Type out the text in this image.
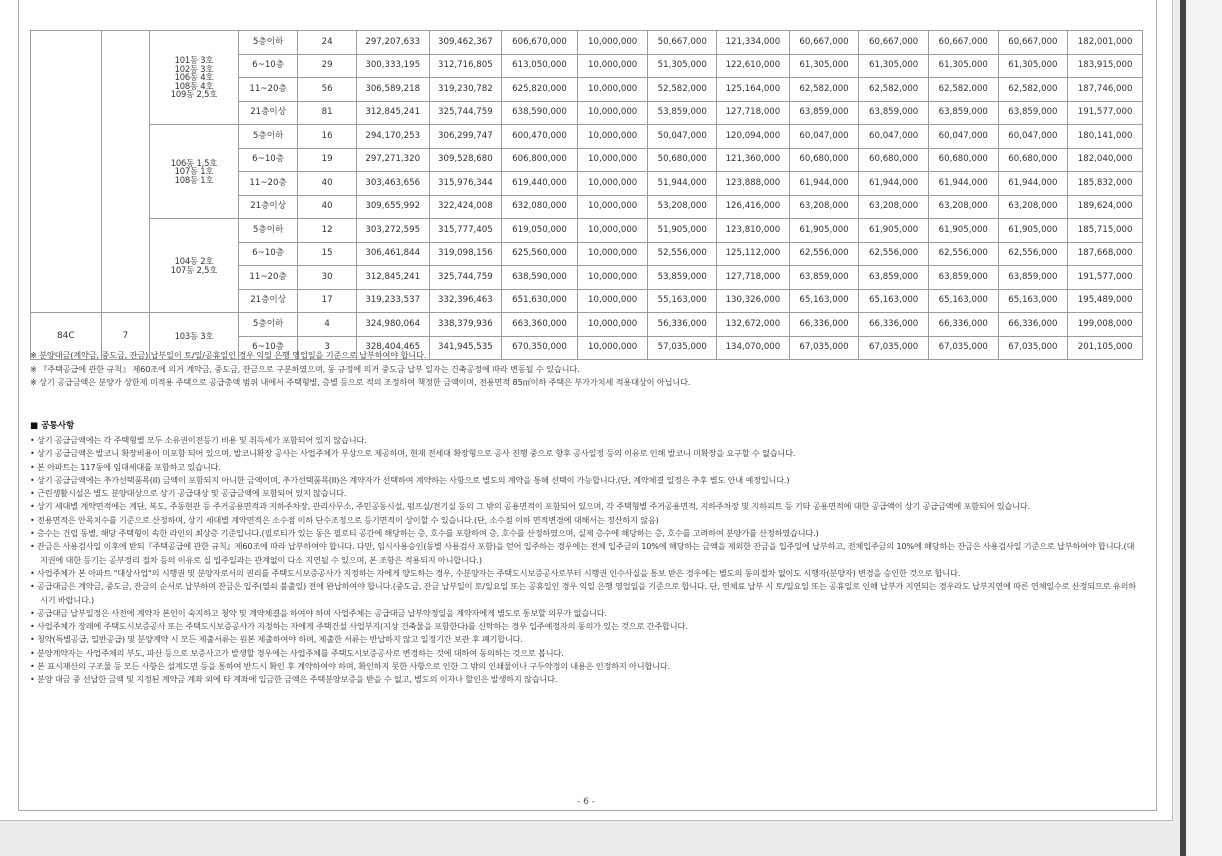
		101동 3호
102동 3호
106동 4호
108동 4호
109동 2,5호	5층이하	24	297,207,633	309,462,367	606,670,000	10,000,000	50,667,000	121,334,000	60,667,000	60,667,000	60,667,000	60,667,000	182,001,000
			6~10층	29	300,333,195	312,716,805	613,050,000	10,000,000	51,305,000	122,610,000	61,305,000	61,305,000	61,305,000	61,305,000	183,915,000
			11~20층	56	306,589,218	319,230,782	625,820,000	10,000,000	52,582,000	125,164,000	62,582,000	62,582,000	62,582,000	62,582,000	187,746,000
			21층이상	81	312,845,241	325,744,759	638,590,000	10,000,000	53,859,000	127,718,000	63,859,000	63,859,000	63,859,000	63,859,000	191,577,000

		106동 1,5호
107동 1호
108동 1호	5층이하	16	294,170,253	306,299,747	600,470,000	10,000,000	50,047,000	120,094,000	60,047,000	60,047,000	60,047,000	60,047,000	180,141,000
			6~10층	19	297,271,320	309,528,680	606,800,000	10,000,000	50,680,000	121,360,000	60,680,000	60,680,000	60,680,000	60,680,000	182,040,000
			11~20층	40	303,463,656	315,976,344	619,440,000	10,000,000	51,944,000	123,888,000	61,944,000	61,944,000	61,944,000	61,944,000	185,832,000
			21층이상	40	309,655,992	322,424,008	632,080,000	10,000,000	53,208,000	126,416,000	63,208,000	63,208,000	63,208,000	63,208,000	189,624,000

		104동 2호
107동 2,5호	5층이하	12	303,272,595	315,777,405	619,050,000	10,000,000	51,905,000	123,810,000	61,905,000	61,905,000	61,905,000	61,905,000	185,715,000
			6~10층	15	306,461,844	319,098,156	625,560,000	10,000,000	52,556,000	125,112,000	62,556,000	62,556,000	62,556,000	62,556,000	187,668,000
			11~20층	30	312,845,241	325,744,759	638,590,000	10,000,000	53,859,000	127,718,000	63,859,000	63,859,000	63,859,000	63,859,000	191,577,000
			21층이상	17	319,233,537	332,396,463	651,630,000	10,000,000	55,163,000	130,326,000	65,163,000	65,163,000	65,163,000	65,163,000	195,489,000
84C	7	103동 3호	5층이하	4	324,980,064	338,379,936	663,360,000	10,000,000	56,336,000	132,672,000	66,336,000	66,336,000	66,336,000	66,336,000	199,008,000
			6~10층	3	328,404,465	341,945,535	670,350,000	10,000,000	57,035,000	134,070,000	67,035,000	67,035,000	67,035,000	67,035,000	201,105,000
※ 분양대금(계약금, 중도금, 잔금) 납부일이 토/일/공휴일인 경우 익일 은행 영업일을 기준으로 납부하여야 합니다.
※ 『주택공급에 관한 규칙』 제60조에 의거 계약금, 중도금, 잔금으로 구분하였으며, 동 규정에 의거 중도금 납부 일자는 건축공정에 따라 변동될 수 있습니다.
※ 상기 공급금액은 분양가 상한제 미적용 주택으로 공급총액 범위 내에서 주택형별, 층별 등으로 적의 조정하여 책정한 금액이며, 전용면적 85㎡이하 주택은 부가가치세 적용대상이 아닙니다.
■ 공통사항
• 상기 공급금액에는 각 주택형별 모두 소유권이전등기 비용 및 취득세가 포함되어 있지 않습니다.
• 상기 공급금액은 발코니 확장비용이 미포함 되어 있으며, 발코니확장 공사는 사업주체가 무상으로 제공하며, 현재 전세대 확장형으로 공사 진행 중으로 향후 공사일정 등의 이유로 인해 발코니 미확장을 요구할 수 없습니다.
• 본 아파트는 117동에 임대세대를 포함하고 있습니다.
• 상기 공급금액에는 추가선택품목(II) 금액이 포함되지 아니한 금액이며, 추가선택품목(II)은 계약자가 선택하여 계약하는 사항으로 별도의 계약을 통해 선택이 가능합니다.(단, 계약체결 일정은 추후 별도 안내 예정입니다.)
• 근린생활시설은 별도 분양대상으로 상기 공급대상 및 공급금액에 포함되어 있지 않습니다.
• 상기 세대별 계약면적에는 계단, 복도, 주동현관 등 주거공용면적과 지하주차장, 관리사무소, 주민공동시설, 펌프실/전기실 등의 그 밖의 공용면적이 포함되어 있으며, 각 주택형별 주거공용면적, 지하주차장 및 지하피트 등 기타 공용면적에 대한 공급액이 상기 공급금액에 포함되어 있습니다.
• 전용면적은 안목치수를 기준으로 산정하며, 상기 세대별 계약면적은 소수점 이하 단수조정으로 등기면적이 상이할 수 있습니다.(단, 소수점 이하 면적변경에 대해서는 정산하지 않음)
• 층수는 건립 동별, 해당 주택형이 속한 라인의 최상층 기준입니다.(필로티가 있는 동은 필로티 공간에 해당하는 층, 호수를 포함하여 층, 호수를 산정하였으며, 실제 층수에 해당하는 층, 호수를 고려하여 분양가를 산정하였습니다.)
• 잔금은 사용검사일 이후에 받되『주택공급에 관한 규칙』제60조에 따라 납부하여야 합니다. 다만, 임시사용승인(동별 사용검사 포함)을 얻어 입주하는 경우에는 전체 입주금의 10%에 해당하는 금액을 제외한 잔금을 입주일에 납부하고, 전체입주금의 10%에 해당하는 잔금은 사용검사일 기준으로 납부하여야 합니다.(대지권에 대한 등기는 공부정리 절차 등의 이유로 실 입주일과는 관계없이 다소 지연될 수 있으며, 본 조항은 적용되지 아니합니다.)
• 사업주체가 본 아파트 "대상사업"의 시행권 및 분양자로서의 권리를 주택도시보증공사가 지정하는 자에게 양도하는 경우, 수분양자는 주택도시보증공사로부터 시행권 인수사실을 통보 받은 경우에는 별도의 동의절차 없이도 시행자(분양자) 변경을 승인한 것으로 합니다.
• 공급대금은 계약금, 중도금, 잔금의 순서로 납부하며 잔금은 입주(열쇠 불출일) 전에 완납하여야 합니다.(중도금, 잔금 납부일이 토/일요일 또는 공휴일인 경우 익일 은행 영업일을 기준으로 합니다. 단, 연체료 납부 시 토/일요일 또는 공휴일로 인해 납부가 지연되는 경우라도 납부지연에 따른 연체일수로 산정되므로 유의하시기 바랍니다.)
• 공급대금 납부일정은 사전에 계약자 본인이 숙지하고 청약 및 계약체결을 하여야 하며 사업주체는 공급대금 납부약정일을 계약자에게 별도로 통보할 의무가 없습니다.
• 사업주체가 장래에 주택도시보증공사 또는 주택도시보증공사가 지정하는 자에게 주택건설 사업부지(지상 건축물을 포함한다)를 신탁하는 경우 입주예정자의 동의가 있는 것으로 간주합니다.
• 청약(특별공급, 일반공급) 및 분양계약 시 모든 제출서류는 원본 제출하여야 하며, 제출한 서류는 반납하지 않고 일정기간 보관 후 폐기합니다.
• 분양계약자는 사업주체의 부도, 파산 등으로 보증사고가 발생할 경우에는 사업주체를 주택도시보증공사로 변경하는 것에 대하여 동의하는 것으로 봅니다.
• 본 표시재산의 구조물 등 모든 사항은 설계도면 등을 통하여 반드시 확인 후 계약하여야 하며, 확인하지 못한 사항으로 인한 그 밖의 인쇄물이나 구두약정의 내용은 인정하지 아니합니다.
• 분양 대금 중 선납한 금액 및 지정된 계약금 계좌 외에 타 계좌에 입금한 금액은 주택분양보증을 받을 수 없고, 별도의 이자나 할인은 발생하지 않습니다.
- 6 -
